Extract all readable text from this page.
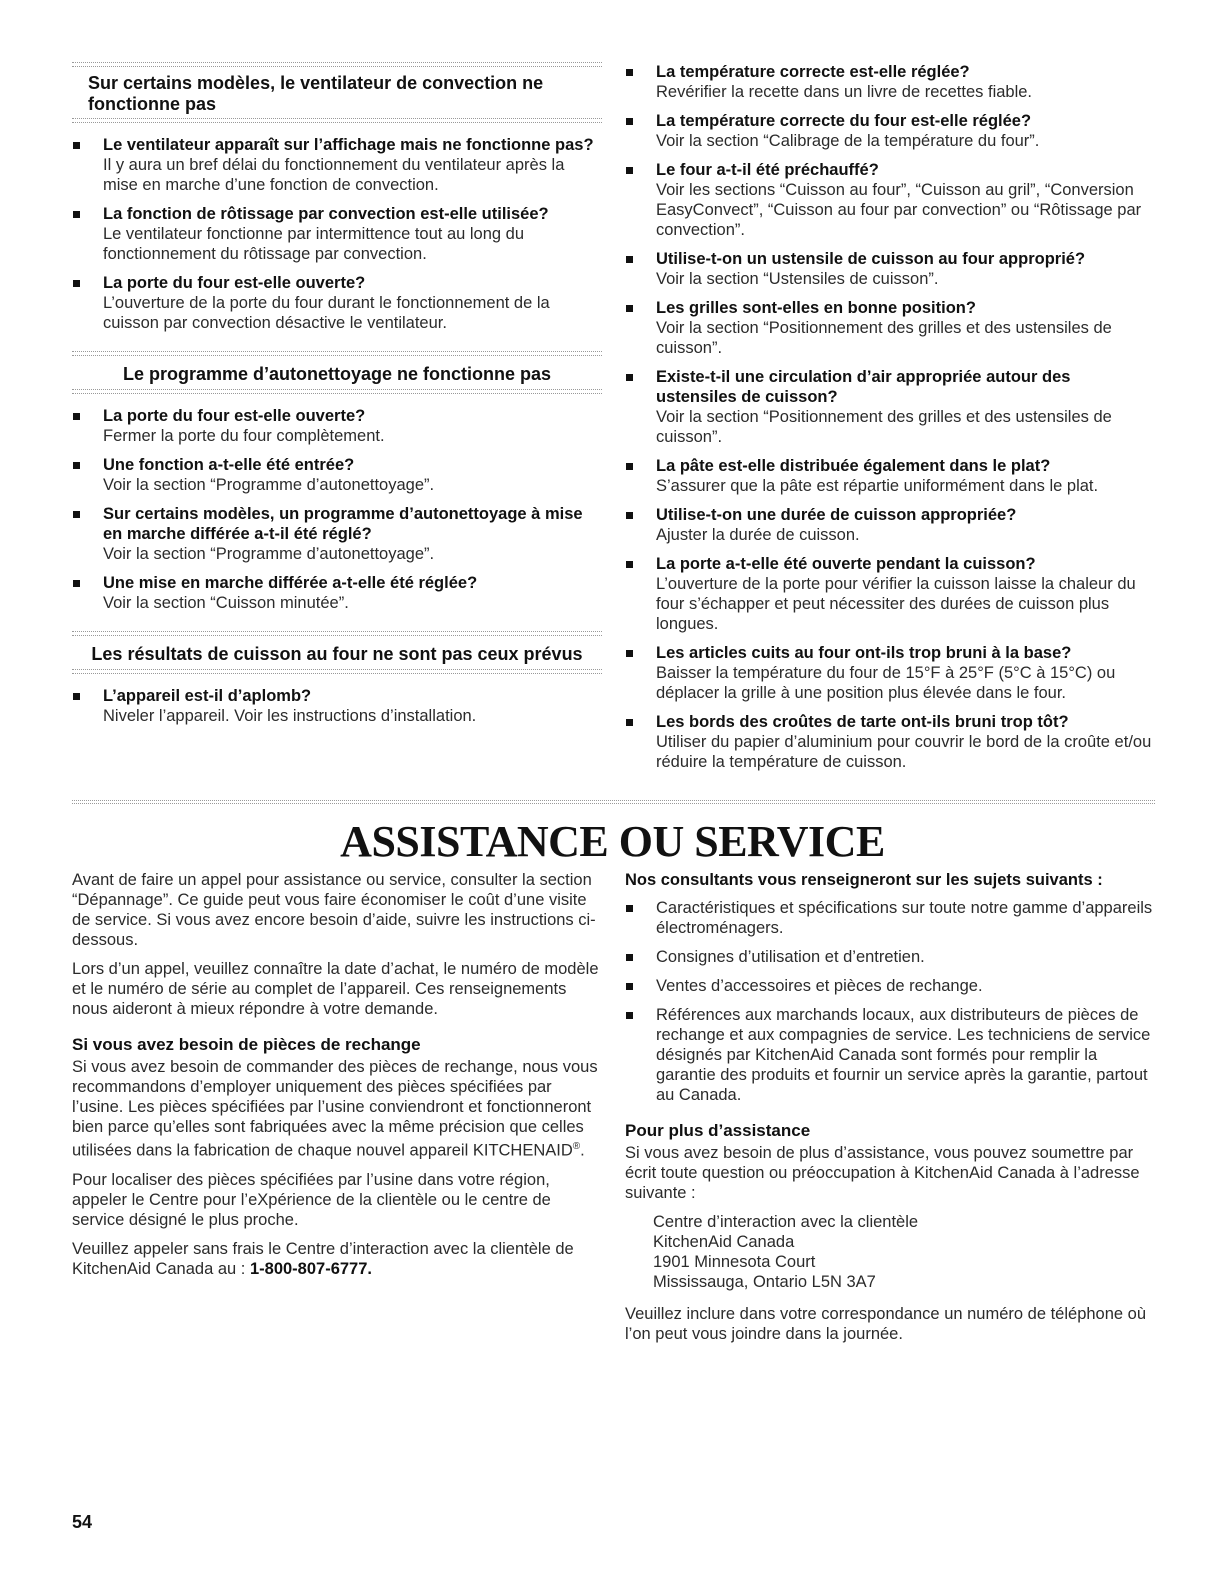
Sur certains modèles, le ventilateur de convection ne fonctionne pas
Le ventilateur apparaît sur l’affichage mais ne fonctionne pas?
Il y aura un bref délai du fonctionnement du ventilateur après la mise en marche d’une fonction de convection.
La fonction de rôtissage par convection est-elle utilisée?
Le ventilateur fonctionne par intermittence tout au long du fonctionnement du rôtissage par convection.
La porte du four est-elle ouverte?
L’ouverture de la porte du four durant le fonctionnement de la cuisson par convection désactive le ventilateur.
Le programme d’autonettoyage ne fonctionne pas
La porte du four est-elle ouverte?
Fermer la porte du four complètement.
Une fonction a-t-elle été entrée?
Voir la section “Programme d’autonettoyage”.
Sur certains modèles, un programme d’autonettoyage à mise en marche différée a-t-il été réglé?
Voir la section “Programme d’autonettoyage”.
Une mise en marche différée a-t-elle été réglée?
Voir la section “Cuisson minutée”.
Les résultats de cuisson au four ne sont pas ceux prévus
L’appareil est-il d’aplomb?
Niveler l’appareil. Voir les instructions d’installation.
La température correcte est-elle réglée?
Revérifier la recette dans un livre de recettes fiable.
La température correcte du four est-elle réglée?
Voir la section “Calibrage de la température du four”.
Le four a-t-il été préchauffé?
Voir les sections “Cuisson au four”, “Cuisson au gril”, “Conversion EasyConvect”, “Cuisson au four par convection” ou “Rôtissage par convection”.
Utilise-t-on un ustensile de cuisson au four approprié?
Voir la section “Ustensiles de cuisson”.
Les grilles sont-elles en bonne position?
Voir la section “Positionnement des grilles et des ustensiles de cuisson”.
Existe-t-il une circulation d’air appropriée autour des ustensiles de cuisson?
Voir la section “Positionnement des grilles et des ustensiles de cuisson”.
La pâte est-elle distribuée également dans le plat?
S’assurer que la pâte est répartie uniformément dans le plat.
Utilise-t-on une durée de cuisson appropriée?
Ajuster la durée de cuisson.
La porte a-t-elle été ouverte pendant la cuisson?
L’ouverture de la porte pour vérifier la cuisson laisse la chaleur du four s’échapper et peut nécessiter des durées de cuisson plus longues.
Les articles cuits au four ont-ils trop bruni à la base?
Baisser la température du four de 15°F à 25°F (5°C à 15°C) ou déplacer la grille à une position plus élevée dans le four.
Les bords des croûtes de tarte ont-ils bruni trop tôt?
Utiliser du papier d’aluminium pour couvrir le bord de la croûte et/ou réduire la température de cuisson.
ASSISTANCE OU SERVICE

Avant de faire un appel pour assistance ou service, consulter la section “Dépannage”. Ce guide peut vous faire économiser le coût d’une visite de service. Si vous avez encore besoin d’aide, suivre les instructions ci-dessous.

Lors d’un appel, veuillez connaître la date d’achat, le numéro de modèle et le numéro de série au complet de l’appareil. Ces renseignements nous aideront à mieux répondre à votre demande.

Si vous avez besoin de pièces de rechange

Si vous avez besoin de commander des pièces de rechange, nous vous recommandons d’employer uniquement des pièces spécifiées par l’usine. Les pièces spécifiées par l’usine conviendront et fonctionneront bien parce qu’elles sont fabriquées avec la même précision que celles utilisées dans la fabrication de chaque nouvel appareil KITCHENAID®.

Pour localiser des pièces spécifiées par l’usine dans votre région, appeler le Centre pour l’eXpérience de la clientèle ou le centre de service désigné le plus proche.

Veuillez appeler sans frais le Centre d’interaction avec la clientèle de KitchenAid Canada au : 1-800-807-6777.

Nos consultants vous renseigneront sur les sujets suivants :
Caractéristiques et spécifications sur toute notre gamme d’appareils électroménagers.
Consignes d’utilisation et d’entretien.
Ventes d’accessoires et pièces de rechange.
Références aux marchands locaux, aux distributeurs de pièces de rechange et aux compagnies de service. Les techniciens de service désignés par KitchenAid Canada sont formés pour remplir la garantie des produits et fournir un service après la garantie, partout au Canada.
Pour plus d’assistance

Si vous avez besoin de plus d’assistance, vous pouvez soumettre par écrit toute question ou préoccupation à KitchenAid Canada à l’adresse suivante :

Centre d’interaction avec la clientèle
KitchenAid Canada
1901 Minnesota Court
Mississauga, Ontario L5N 3A7

Veuillez inclure dans votre correspondance un numéro de téléphone où l’on peut vous joindre dans la journée.

54
